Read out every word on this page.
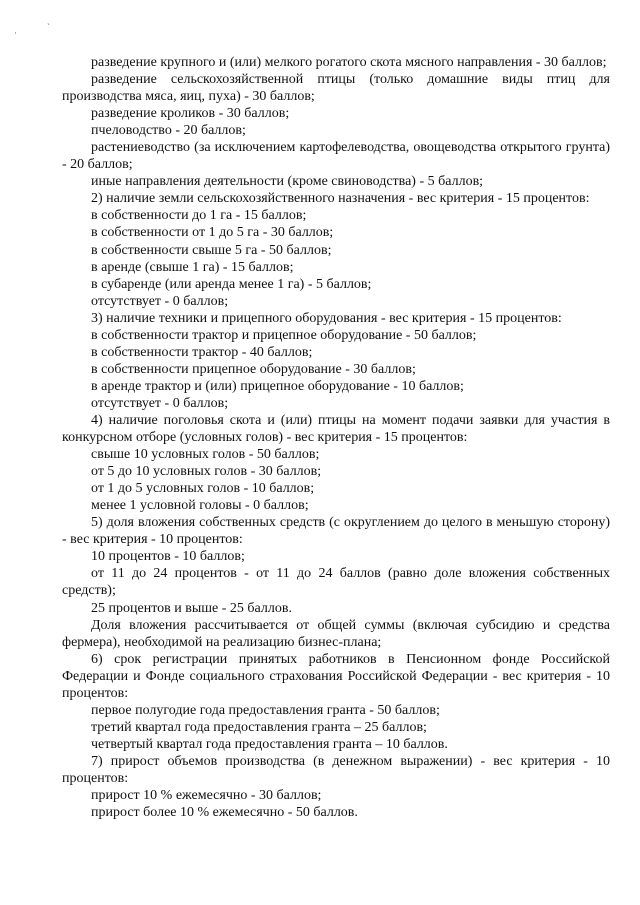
·
ˋ

разведение крупного и (или) мелкого рогатого скота мясного направления - 30 баллов;

разведение сельскохозяйственной птицы (только домашние виды птиц для производства мяса, яиц, пуха) - 30 баллов;

разведение кроликов - 30 баллов;

пчеловодство - 20 баллов;

растениеводство (за исключением картофелеводства, овощеводства открытого грунта) - 20 баллов;

иные направления деятельности (кроме свиноводства) - 5 баллов;

2) наличие земли сельскохозяйственного назначения - вес критерия - 15 процентов:

в собственности до 1 га - 15 баллов;

в собственности от 1 до 5 га - 30 баллов;

в собственности свыше 5 га - 50 баллов;

в аренде (свыше 1 га) - 15 баллов;

в субаренде (или аренда менее 1 га) - 5 баллов;

отсутствует - 0 баллов;

3) наличие техники и прицепного оборудования - вес критерия - 15 процентов:

в собственности трактор и прицепное оборудование - 50 баллов;

в собственности трактор - 40 баллов;

в собственности прицепное оборудование - 30 баллов;

в аренде трактор и (или) прицепное оборудование - 10 баллов;

отсутствует - 0 баллов;

4) наличие поголовья скота и (или) птицы на момент подачи заявки для участия в конкурсном отборе (условных голов) - вес критерия - 15 процентов:

свыше 10 условных голов - 50 баллов;

от 5 до 10 условных голов - 30 баллов;

от 1 до 5 условных голов - 10 баллов;

менее 1 условной головы - 0 баллов;

5) доля вложения собственных средств (с округлением до целого в меньшую сторону) - вес критерия - 10 процентов:

10 процентов - 10 баллов;

от 11 до 24 процентов - от 11 до 24 баллов (равно доле вложения собственных средств);

25 процентов и выше - 25 баллов.

Доля вложения рассчитывается от общей суммы (включая субсидию и средства фермера), необходимой на реализацию бизнес-плана;

6) срок регистрации принятых работников в Пенсионном фонде Российской Федерации и Фонде социального страхования Российской Федерации - вес критерия - 10 процентов:

первое полугодие года предоставления гранта - 50 баллов;

третий квартал года предоставления гранта – 25 баллов;

четвертый квартал года предоставления гранта – 10 баллов.

7) прирост объемов производства (в денежном выражении) - вес критерия - 10 процентов:

прирост 10 % ежемесячно - 30 баллов;

прирост более 10 % ежемесячно - 50 баллов.
